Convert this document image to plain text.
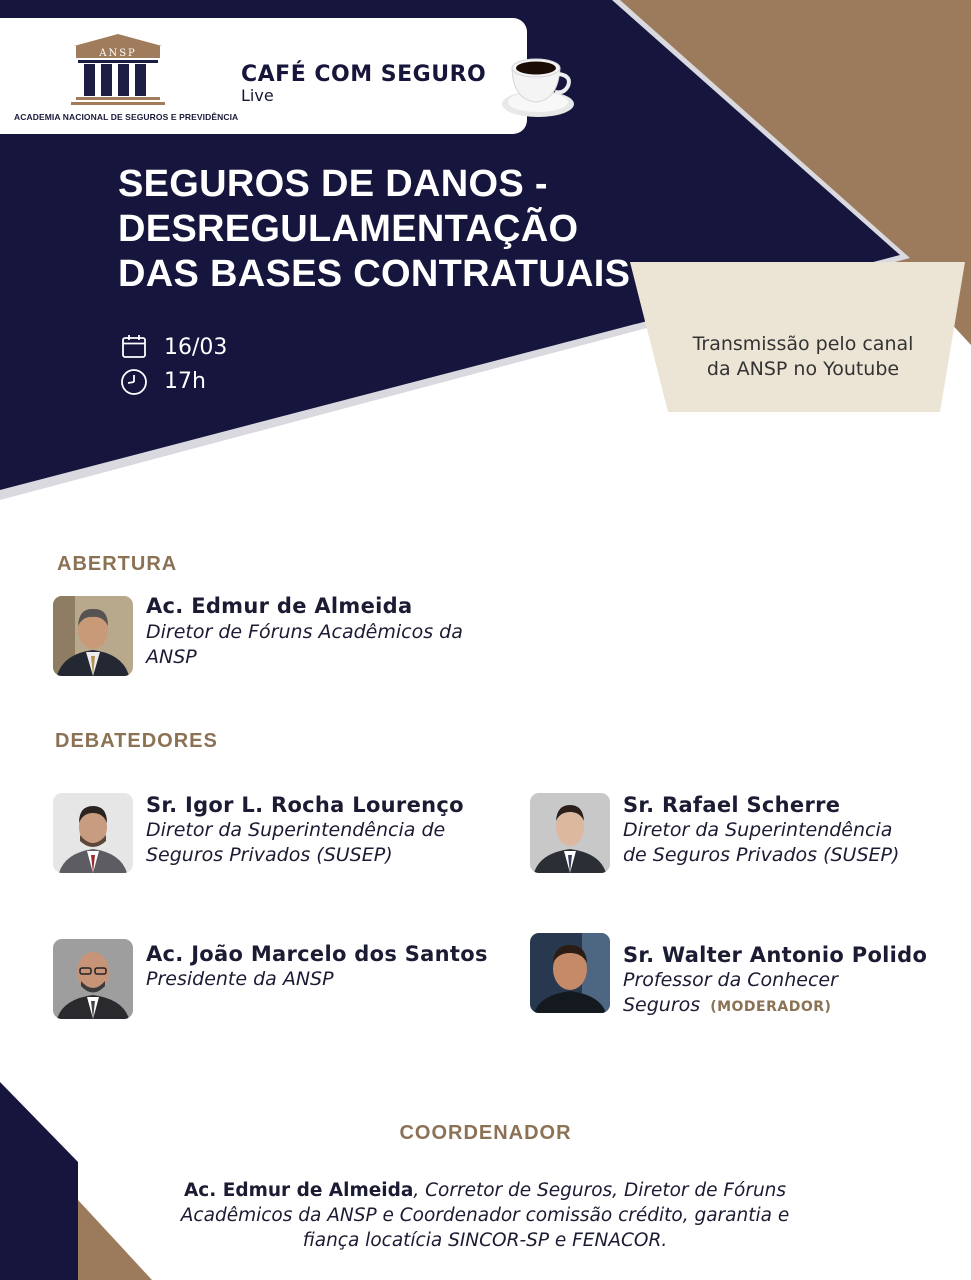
ANSP
ACADEMIA NACIONAL DE SEGUROS E PREVIDÊNCIA
CAFÉ COM SEGURO
Live
SEGUROS DE DANOS -
DESREGULAMENTAÇÃO
DAS BASES CONTRATUAIS
16/03
17h
Transmissão pelo canal
da ANSP no Youtube
ABERTURA
Ac. Edmur de Almeida
Diretor de Fóruns Acadêmicos da
ANSP
DEBATEDORES
Sr. Igor L. Rocha Lourenço
Diretor da Superintendência de
Seguros Privados (SUSEP)
Sr. Rafael Scherre
Diretor da Superintendência
de Seguros Privados (SUSEP)
Ac. João Marcelo dos Santos
Presidente da ANSP
Sr. Walter Antonio Polido
Professor da Conhecer
Seguros (MODERADOR)
COORDENADOR
Ac. Edmur de Almeida, Corretor de Seguros, Diretor de Fóruns
Acadêmicos da ANSP e Coordenador comissão crédito, garantia e
fiança locatícia SINCOR-SP e FENACOR.
